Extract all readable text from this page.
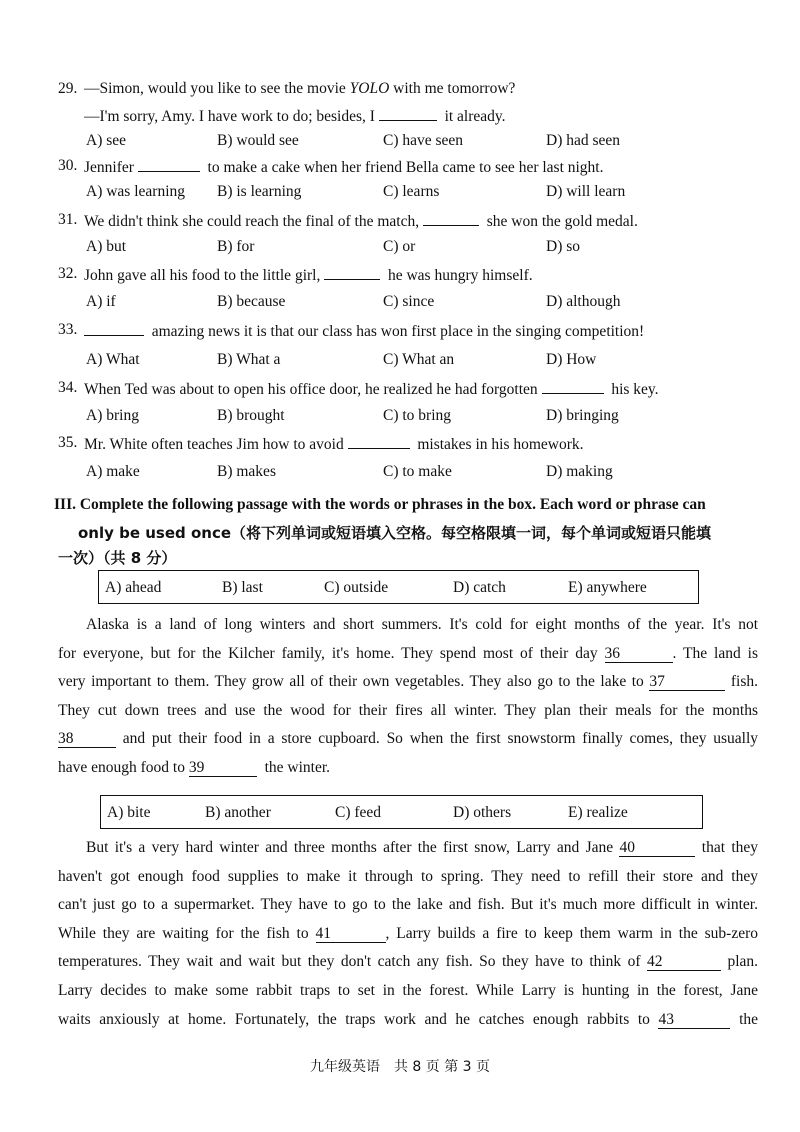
29. —Simon, would you like to see the movie YOLO with me tomorrow?
—I'm sorry, Amy. I have work to do; besides, I	it already.
A) see	B) would see	C) have seen	D) had seen
30. Jennifer	to make a cake when her friend Bella came to see her last night.
A) was learning B) is learning	C) learns	D) will learn
31. We didn't think she could reach the final of the match,	she won the gold medal.
A) but	B) for	C) or	D) so
32. John gave all his food to the little girl,	he was hungry himself.
A) if	B) because	C) since	D) although
33.	amazing news it is that our class has won first place in the singing competition!
A) What	B) What a	C) What an	D) How
34. When Ted was about to open his office door, he realized he had forgotten	his key.
A) bring	B) brought	C) to bring	D) bringing
35. Mr. White often teaches Jim how to avoid	mistakes in his homework.
A) make	B) makes	C) to make	D) making
III. Complete the following passage with the words or phrases in the box. Each word or phrase can
only be used once（将下列单词或短语填入空格。每空格限填一词，每个单词或短语只能填
一次）（共 8 分）
A) ahead	B) last	C) outside	D) catch	E) anywhere
Alaska is a land of long winters and short summers. It's cold for eight months of the year. It's not
for everyone, but for the Kilcher family, it's home. They spend most of their day 36	. The land is
very important to them. They grow all of their own vegetables. They also go to the lake to 37	fish.
They cut down trees and use the wood for their fires all winter. They plan their meals for the months
38	and put their food in a store cupboard. So when the first snowstorm finally comes, they usually
have enough food to 39	the winter.
A) bite	B) another	C) feed	D) others	E) realize
But it's a very hard winter and three months after the first snow, Larry and Jane 40	that they
haven't got enough food supplies to make it through to spring. They need to refill their store and they
can't just go to a supermarket. They have to go to the lake and fish. But it's much more difficult in winter.
While they are waiting for the fish to 41	, Larry builds a fire to keep them warm in the sub-zero
temperatures. They wait and wait but they don't catch any fish. So they have to think of 42	plan.
Larry decides to make some rabbit traps to set in the forest. While Larry is hunting in the forest, Jane
waits anxiously at home. Fortunately, the traps work and he catches enough rabbits to 43	the
九年级英语　共 8 页 第 3 页
